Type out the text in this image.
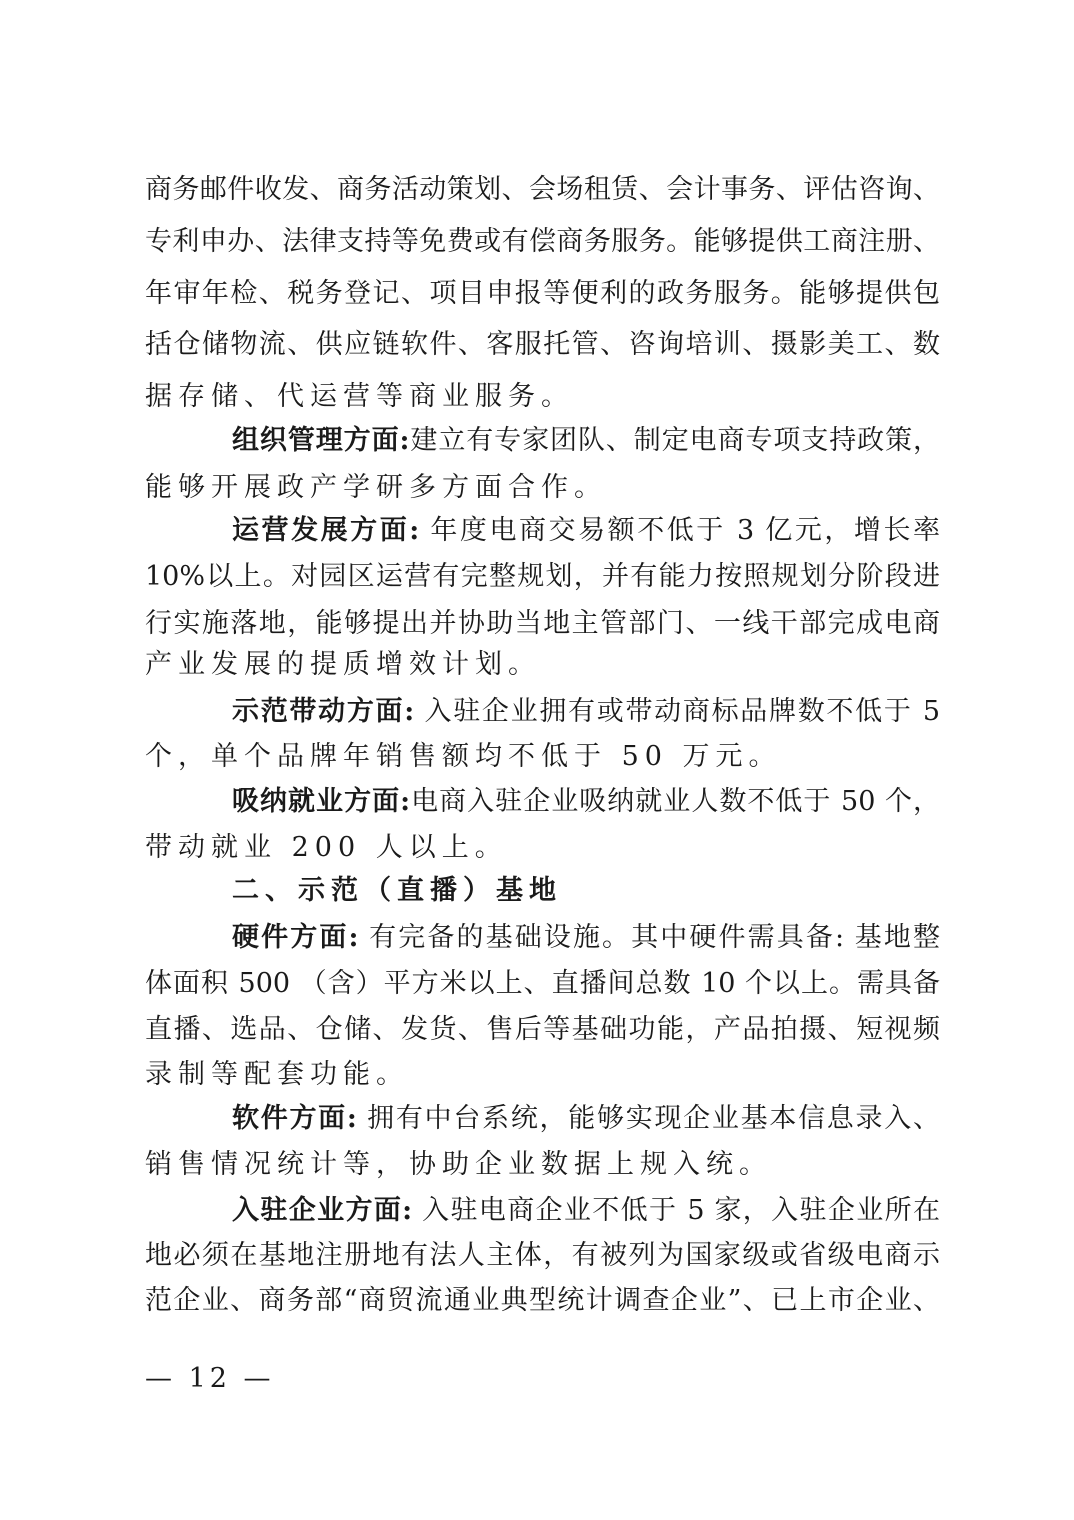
商务邮件收发、商务活动策划、会场租赁、会计事务、评估咨询、
专利申办、法律支持等免费或有偿商务服务。能够提供工商注册、
年审年检、税务登记、项目申报等便利的政务服务。能够提供包
括仓储物流、供应链软件、客服托管、咨询培训、摄影美工、数
据存储、代运营等商业服务。
组织管理方面:建立有专家团队、制定电商专项支持政策，
能够开展政产学研多方面合作。
运营发展方面: 年度电商交易额不低于 3 亿元，增长率
10%以上。对园区运营有完整规划，并有能力按照规划分阶段进
行实施落地，能够提出并协助当地主管部门、一线干部完成电商
产业发展的提质增效计划。
示范带动方面: 入驻企业拥有或带动商标品牌数不低于 5
个，单个品牌年销售额均不低于 50 万元。
吸纳就业方面:电商入驻企业吸纳就业人数不低于 50 个，
带动就业 200 人以上。
二、示范（直播）基地
硬件方面: 有完备的基础设施。其中硬件需具备: 基地整
体面积 500 （含）平方米以上、直播间总数 10 个以上。需具备
直播、选品、仓储、发货、售后等基础功能，产品拍摄、短视频
录制等配套功能。
软件方面: 拥有中台系统，能够实现企业基本信息录入、
销售情况统计等，协助企业数据上规入统。
入驻企业方面: 入驻电商企业不低于 5 家，入驻企业所在
地必须在基地注册地有法人主体，有被列为国家级或省级电商示
范企业、商务部“商贸流通业典型统计调查企业”、已上市企业、
— 12 —
